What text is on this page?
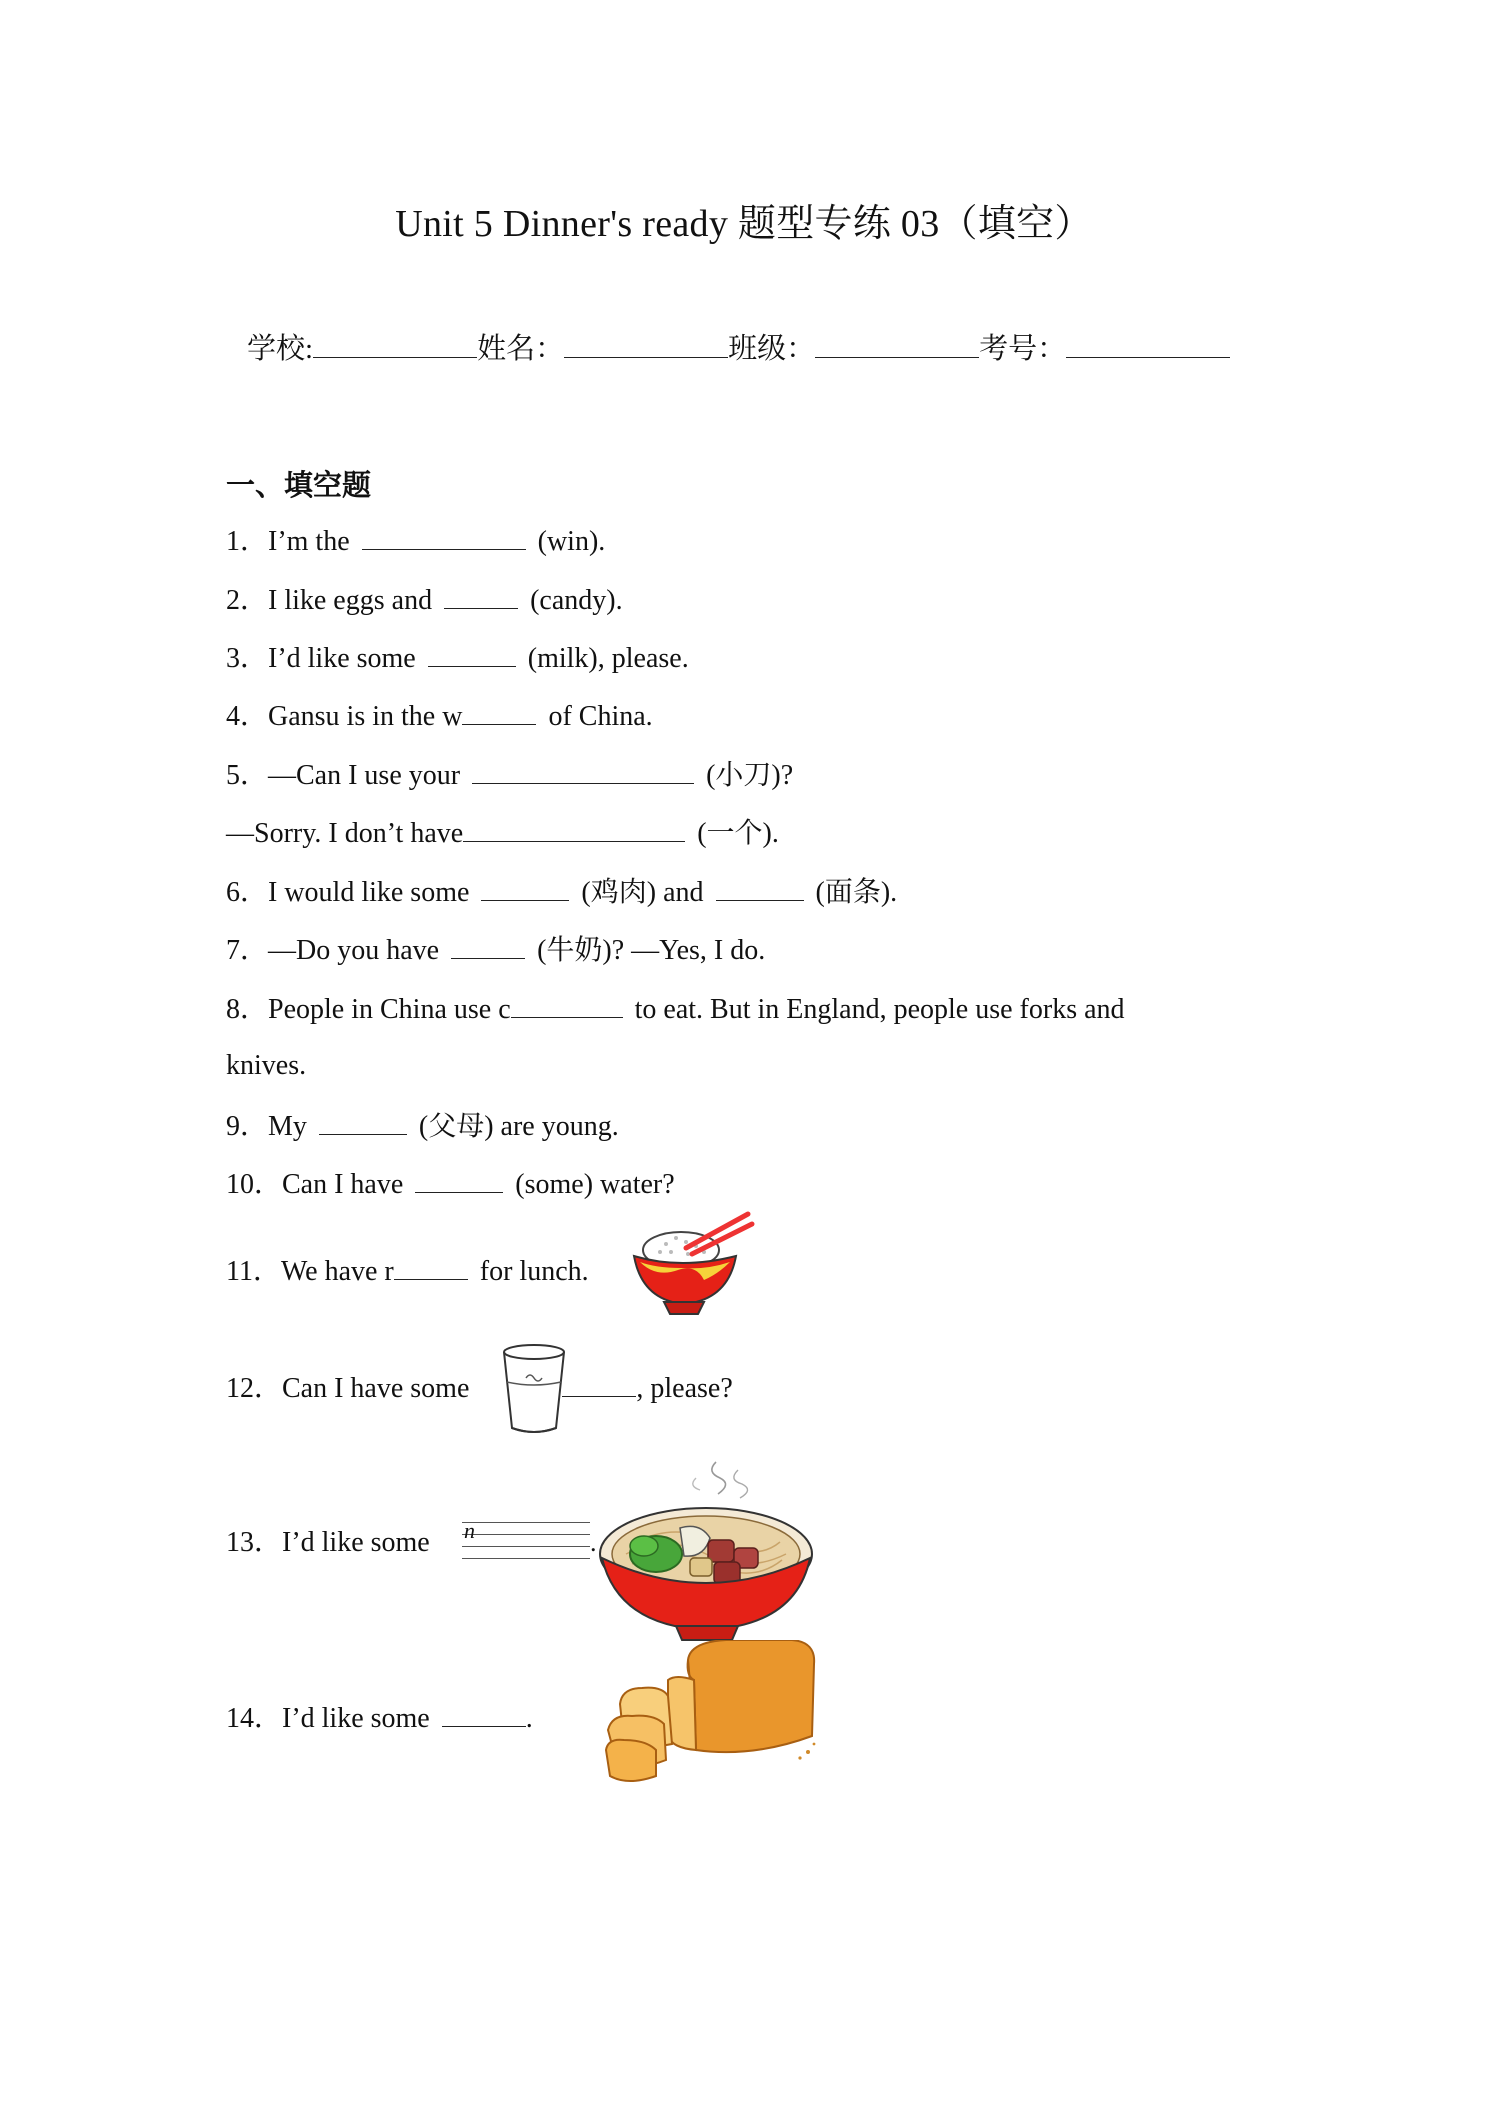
Unit 5 Dinner's ready 题型专练 03（填空）
学校:	姓名：	班级：	考号：
一、填空题
1．I’m the	(win).
2．I like eggs and	(candy).
3．I’d like some	(milk), please.
4．Gansu is in the w	of China.
5．—Can I use your	(小刀)?
—Sorry. I don’t have	(一个).
6．I would like some	(鸡肉) and	(面条).
7．—Do you have	(牛奶)? —Yes, I do.
8．People in China use c	to eat. But in England, people use forks and
knives.
9．My	(父母) are young.
10．Can I have	(some) water?
11．We have r	for lunch.
12．Can I have some	, please?
13．I’d like some n	.
14．I’d like some	.
